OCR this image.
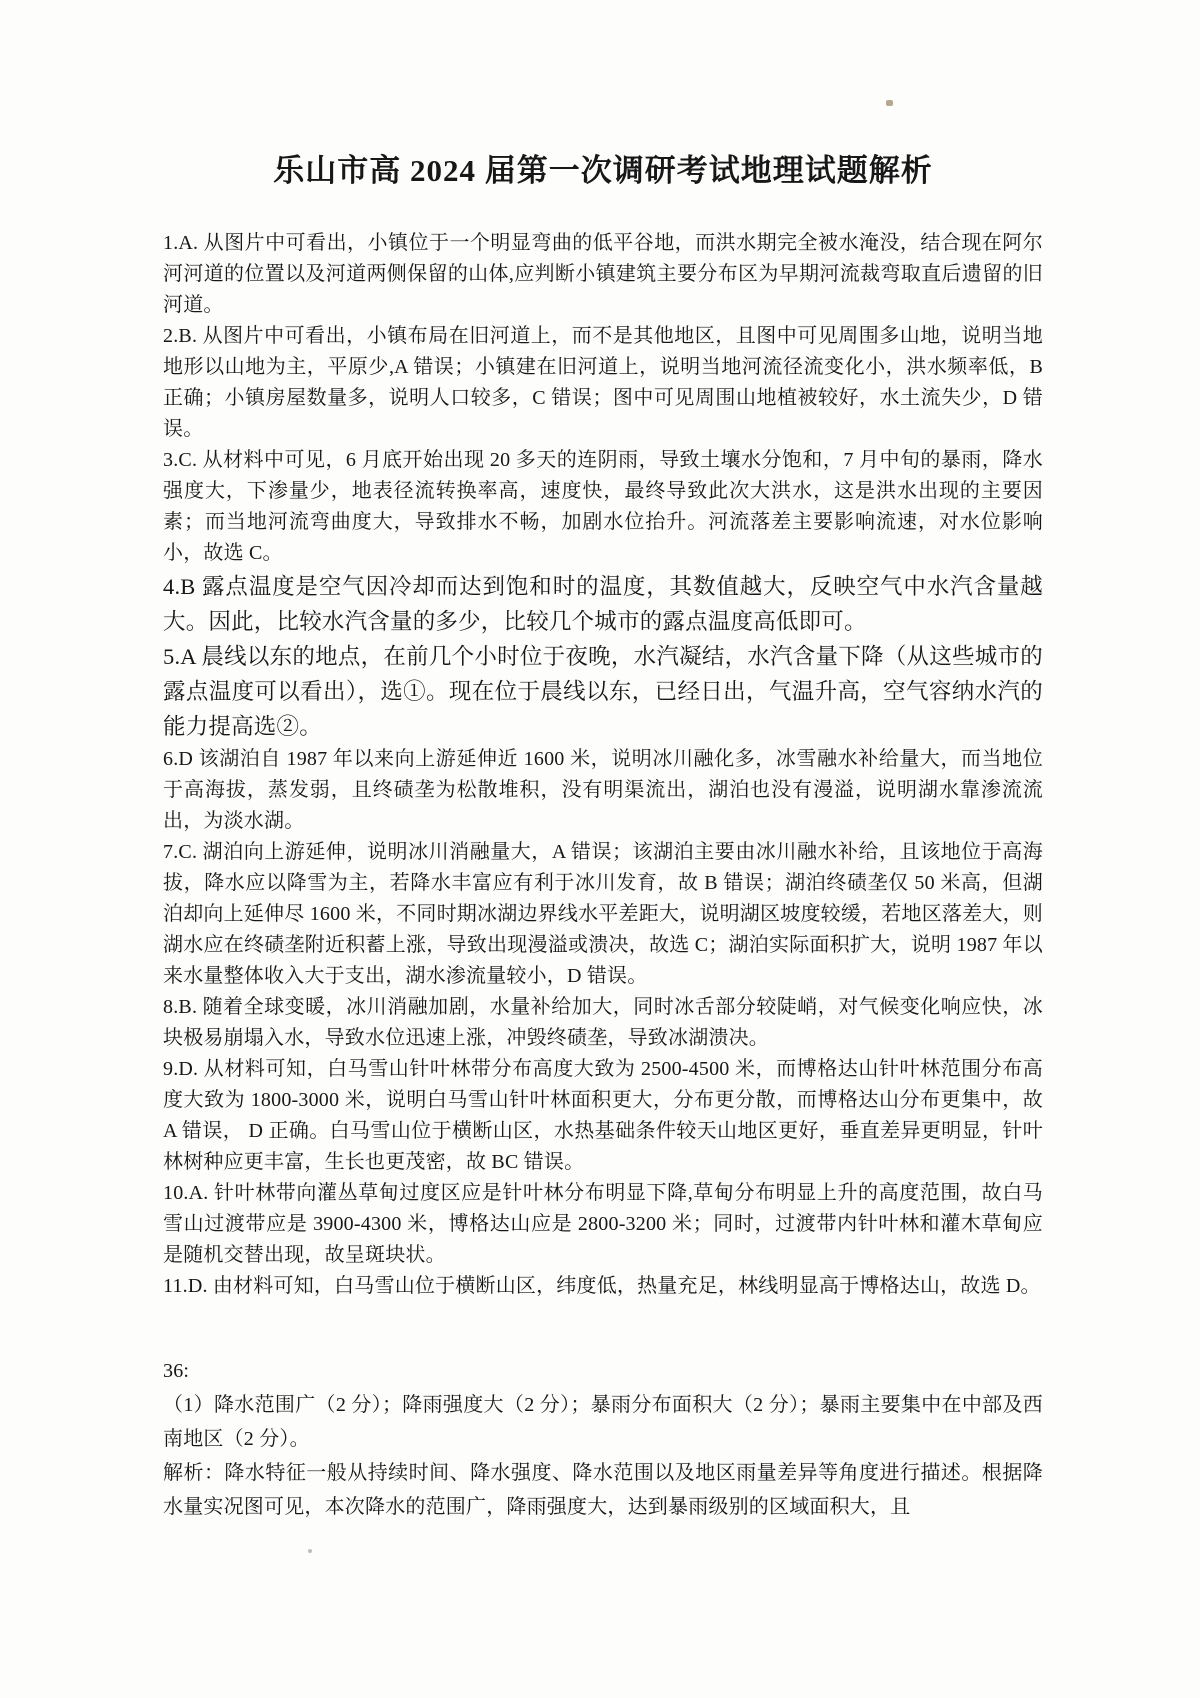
乐山市高 2024 届第一次调研考试地理试题解析

1.A. 从图片中可看出，小镇位于一个明显弯曲的低平谷地，而洪水期完全被水淹没，结合现在阿尔河河道的位置以及河道两侧保留的山体,应判断小镇建筑主要分布区为早期河流裁弯取直后遗留的旧河道。

2.B. 从图片中可看出，小镇布局在旧河道上，而不是其他地区，且图中可见周围多山地，说明当地地形以山地为主，平原少,A 错误；小镇建在旧河道上，说明当地河流径流变化小，洪水频率低，B 正确；小镇房屋数量多，说明人口较多，C 错误；图中可见周围山地植被较好，水土流失少，D 错误。

3.C. 从材料中可见，6 月底开始出现 20 多天的连阴雨，导致土壤水分饱和，7 月中旬的暴雨，降水强度大，下渗量少，地表径流转换率高，速度快，最终导致此次大洪水，这是洪水出现的主要因素；而当地河流弯曲度大，导致排水不畅，加剧水位抬升。河流落差主要影响流速，对水位影响小，故选 C。

4.B 露点温度是空气因冷却而达到饱和时的温度，其数值越大，反映空气中水汽含量越大。因此，比较水汽含量的多少，比较几个城市的露点温度高低即可。

5.A 晨线以东的地点，在前几个小时位于夜晚，水汽凝结，水汽含量下降（从这些城市的露点温度可以看出），选①。现在位于晨线以东，已经日出，气温升高，空气容纳水汽的能力提高选②。

6.D 该湖泊自 1987 年以来向上游延伸近 1600 米，说明冰川融化多，冰雪融水补给量大，而当地位于高海拔，蒸发弱，且终碛垄为松散堆积，没有明渠流出，湖泊也没有漫溢，说明湖水靠渗流流出，为淡水湖。

7.C. 湖泊向上游延伸，说明冰川消融量大，A 错误；该湖泊主要由冰川融水补给，且该地位于高海拔，降水应以降雪为主，若降水丰富应有利于冰川发育，故 B 错误；湖泊终碛垄仅 50 米高，但湖泊却向上延伸尽 1600 米，不同时期冰湖边界线水平差距大，说明湖区坡度较缓，若地区落差大，则湖水应在终碛垄附近积蓄上涨，导致出现漫溢或溃决，故选 C；湖泊实际面积扩大，说明 1987 年以来水量整体收入大于支出，湖水渗流量较小，D 错误。

8.B. 随着全球变暖，冰川消融加剧，水量补给加大，同时冰舌部分较陡峭，对气候变化响应快，冰块极易崩塌入水，导致水位迅速上涨，冲毁终碛垄，导致冰湖溃决。

9.D. 从材料可知，白马雪山针叶林带分布高度大致为 2500-4500 米，而博格达山针叶林范围分布高度大致为 1800-3000 米，说明白马雪山针叶林面积更大，分布更分散，而博格达山分布更集中，故 A 错误， D 正确。白马雪山位于横断山区，水热基础条件较天山地区更好，垂直差异更明显，针叶林树种应更丰富，生长也更茂密，故 BC 错误。

10.A. 针叶林带向灌丛草甸过度区应是针叶林分布明显下降,草甸分布明显上升的高度范围，故白马雪山过渡带应是 3900-4300 米，博格达山应是 2800-3200 米；同时，过渡带内针叶林和灌木草甸应是随机交替出现，故呈斑块状。

11.D. 由材料可知，白马雪山位于横断山区，纬度低，热量充足，林线明显高于博格达山，故选 D。

36:

（1）降水范围广（2 分）；降雨强度大（2 分）；暴雨分布面积大（2 分）；暴雨主要集中在中部及西南地区（2 分）。

解析：降水特征一般从持续时间、降水强度、降水范围以及地区雨量差异等角度进行描述。根据降水量实况图可见，本次降水的范围广，降雨强度大，达到暴雨级别的区域面积大，且
